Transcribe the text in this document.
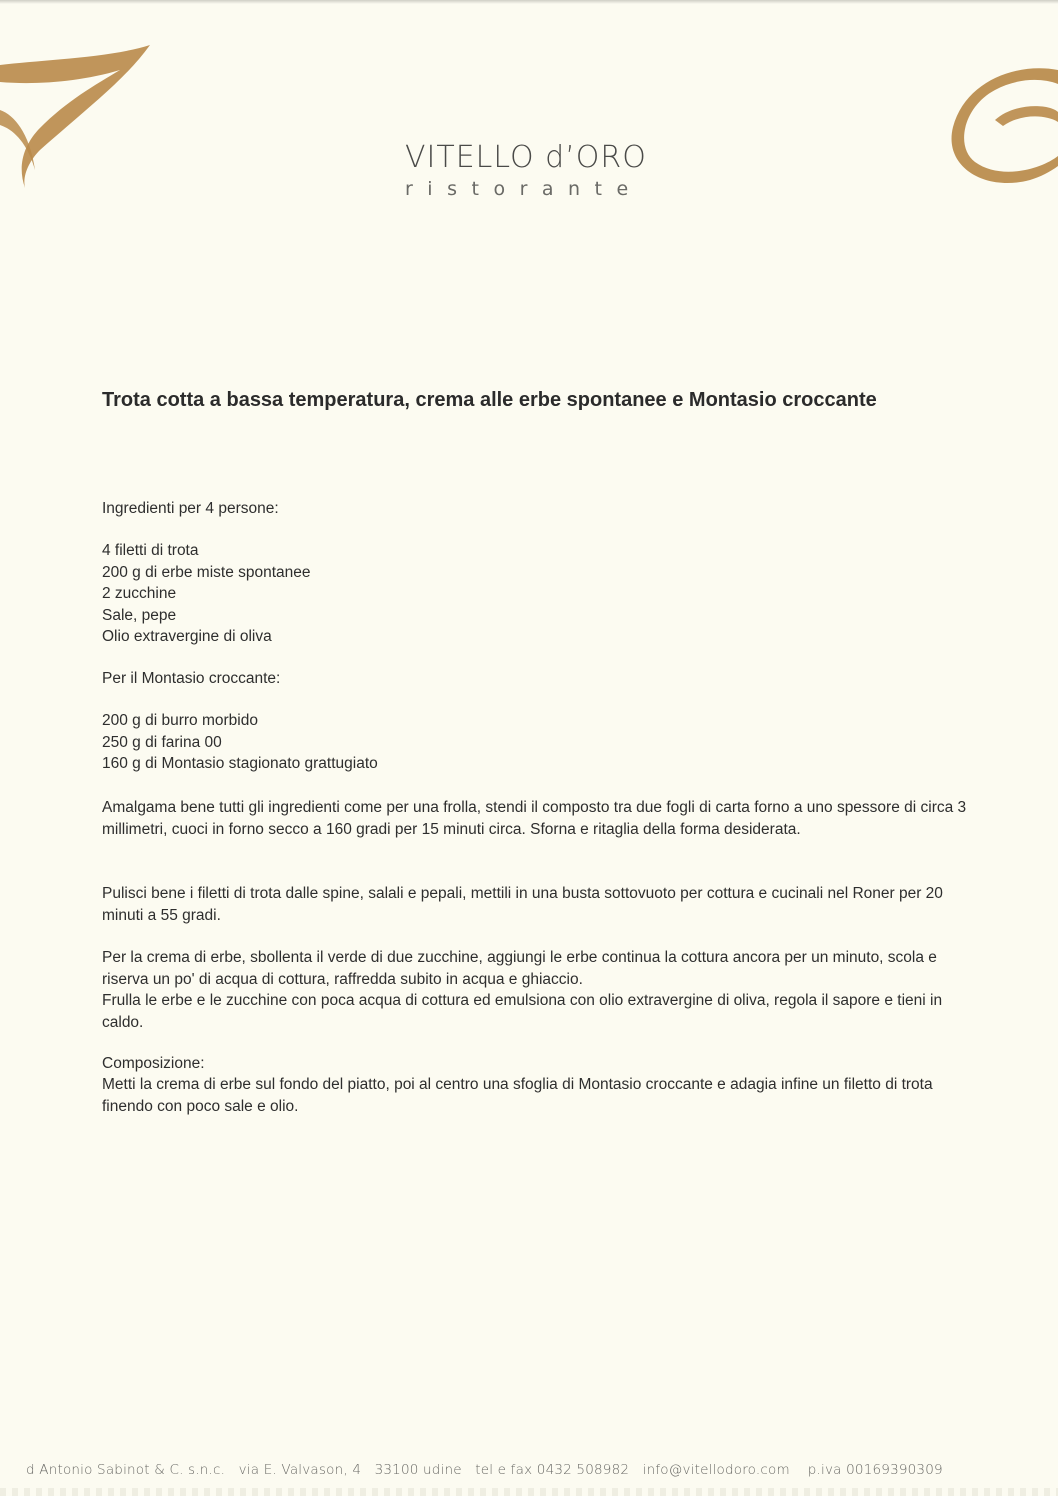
VITELLO d’ORO
ristorante
Trota cotta a bassa temperatura, crema alle erbe spontanee e Montasio croccante

Ingredienti per 4 persone:

4 filetti di trota
200 g di erbe miste spontanee
2 zucchine
Sale, pepe
Olio extravergine di oliva

Per il Montasio croccante:

200 g di burro morbido
250 g di farina 00
160 g di Montasio stagionato grattugiato

Amalgama bene tutti gli ingredienti come per una frolla, stendi il composto tra due fogli di carta forno a uno spessore di circa 3 millimetri, cuoci in forno secco a 160 gradi per 15 minuti circa. Sforna e ritaglia della forma desiderata.

Pulisci bene i filetti di trota dalle spine, salali e pepali, mettili in una busta sottovuoto per cottura e cucinali nel Roner per 20 minuti a 55 gradi.

Per la crema di erbe, sbollenta il verde di due zucchine, aggiungi le erbe continua la cottura ancora per un minuto, scola e riserva un po' di acqua di cottura, raffredda subito in acqua e ghiaccio.

Frulla le erbe e le zucchine con poca acqua di cottura ed emulsiona con olio extravergine di oliva, regola il sapore e tieni in caldo.

Composizione:

Metti la crema di erbe sul fondo del piatto, poi al centro una sfoglia di Montasio croccante e adagia infine un filetto di trota finendo con poco sale e olio.

d Antonio Sabinot & C. s.n.c.   via E. Valvason, 4   33100 udine   tel e fax 0432 508982   info@vitellodoro.com    p.iva 00169390309
